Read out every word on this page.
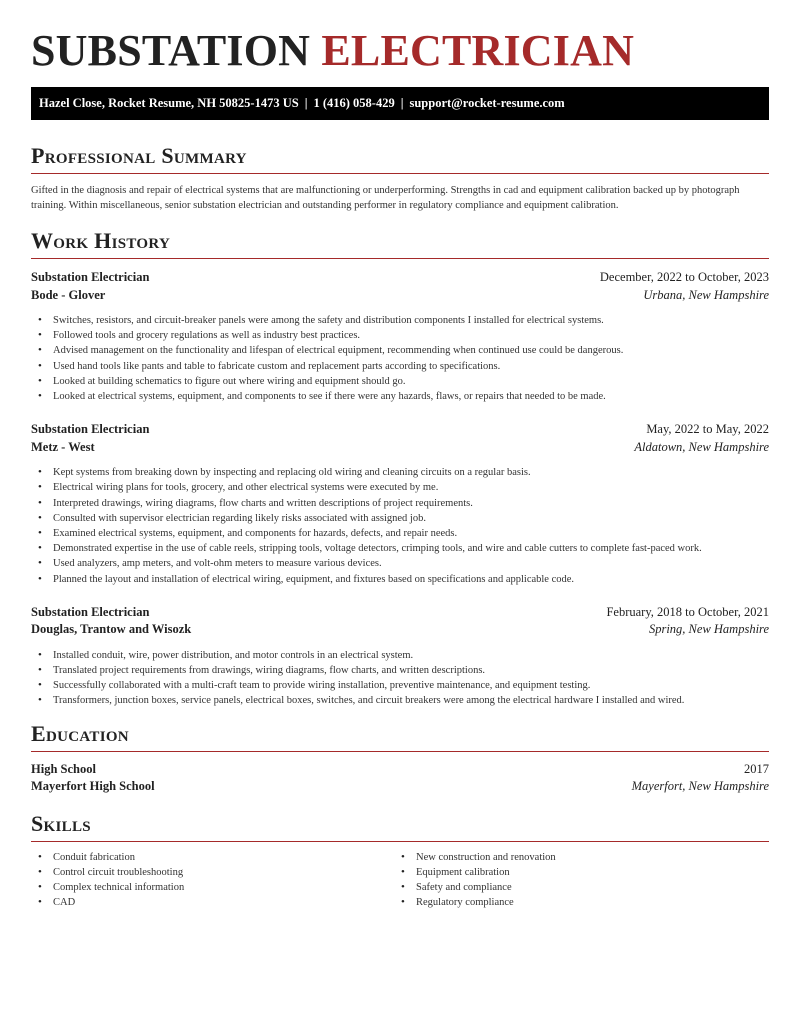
SUBSTATION ELECTRICIAN
Hazel Close, Rocket Resume, NH 50825-1473 US | 1 (416) 058-429 | support@rocket-resume.com
Professional Summary

Gifted in the diagnosis and repair of electrical systems that are malfunctioning or underperforming. Strengths in cad and equipment calibration backed up by photograph training. Within miscellaneous, senior substation electrician and outstanding performer in regulatory compliance and equipment calibration.

Work History
Substation Electrician	December, 2022 to October, 2023
Bode - Glover	Urbana, New Hampshire
• Switches, resistors, and circuit-breaker panels were among the safety and distribution components I installed for electrical systems.
• Followed tools and grocery regulations as well as industry best practices.
• Advised management on the functionality and lifespan of electrical equipment, recommending when continued use could be dangerous.
• Used hand tools like pants and table to fabricate custom and replacement parts according to specifications.
• Looked at building schematics to figure out where wiring and equipment should go.
• Looked at electrical systems, equipment, and components to see if there were any hazards, flaws, or repairs that needed to be made.
Substation Electrician	May, 2022 to May, 2022
Metz - West	Aldatown, New Hampshire
• Kept systems from breaking down by inspecting and replacing old wiring and cleaning circuits on a regular basis.
• Electrical wiring plans for tools, grocery, and other electrical systems were executed by me.
• Interpreted drawings, wiring diagrams, flow charts and written descriptions of project requirements.
• Consulted with supervisor electrician regarding likely risks associated with assigned job.
• Examined electrical systems, equipment, and components for hazards, defects, and repair needs.
• Demonstrated expertise in the use of cable reels, stripping tools, voltage detectors, crimping tools, and wire and cable cutters to complete fast-paced work.
• Used analyzers, amp meters, and volt-ohm meters to measure various devices.
• Planned the layout and installation of electrical wiring, equipment, and fixtures based on specifications and applicable code.
Substation Electrician	February, 2018 to October, 2021
Douglas, Trantow and Wisozk	Spring, New Hampshire
• Installed conduit, wire, power distribution, and motor controls in an electrical system.
• Translated project requirements from drawings, wiring diagrams, flow charts, and written descriptions.
• Successfully collaborated with a multi-craft team to provide wiring installation, preventive maintenance, and equipment testing.
• Transformers, junction boxes, service panels, electrical boxes, switches, and circuit breakers were among the electrical hardware I installed and wired.
Education
High School	2017
Mayerfort High School	Mayerfort, New Hampshire
Skills
• Conduit fabrication
• Control circuit troubleshooting
• Complex technical information
• CAD
• New construction and renovation
• Equipment calibration
• Safety and compliance
• Regulatory compliance
